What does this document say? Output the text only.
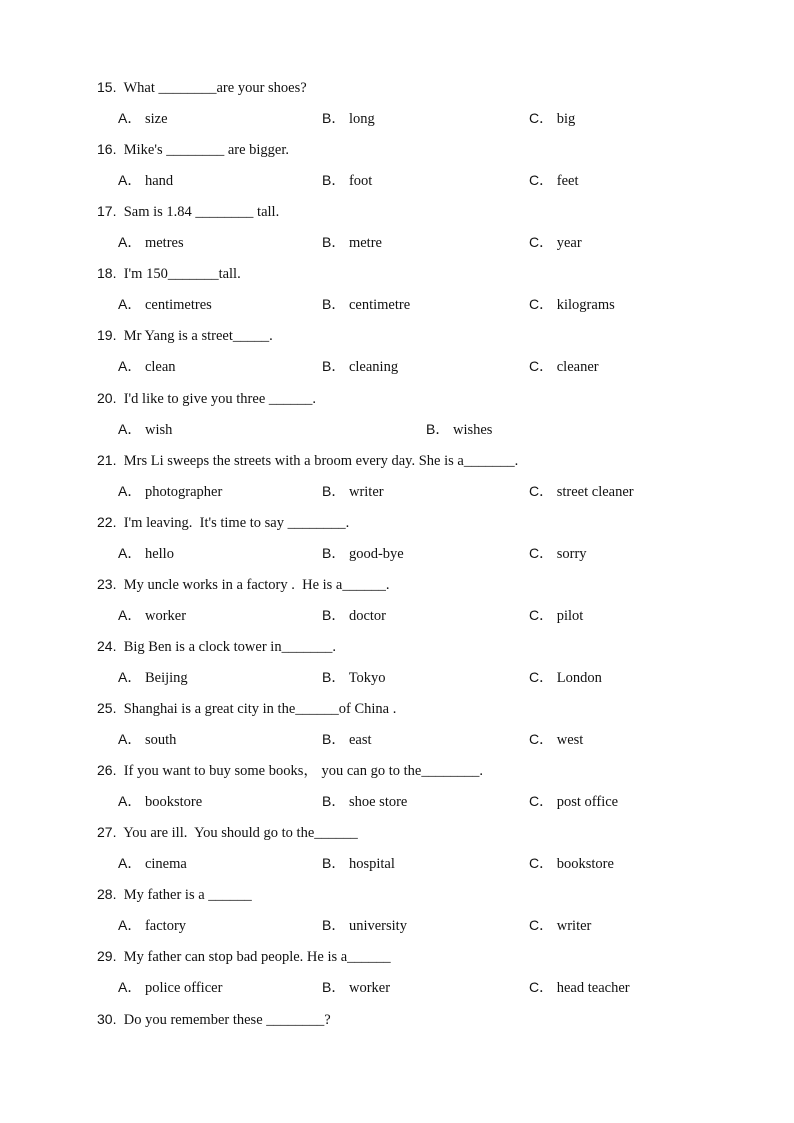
15. What ________are your shoes?
A． size	B． long	C． big
16. Mike's ________ are bigger.
A． hand	B． foot	C． feet
17. Sam is 1.84 ________ tall.
A． metres	B． metre	C． year
18. I'm 150_______tall.
A． centimetres	B． centimetre	C． kilograms
19. Mr Yang is a street_____.
A． clean	B． cleaning	C． cleaner
20. I'd like to give you three ______.
A． wish	B． wishes
21. Mrs Li sweeps the streets with a broom every day. She is a_______.
A． photographer	B． writer	C． street cleaner
22. I'm leaving.  It's time to say ________.
A． hello	B． good-bye	C． sorry
23. My uncle works in a factory .  He is a______.
A． worker	B． doctor	C． pilot
24. Big Ben is a clock tower in_______.
A． Beijing	B． Tokyo	C． London
25. Shanghai is a great city in the______of China .
A． south	B． east	C． west
26. If you want to buy some books， you can go to the________.
A． bookstore	B． shoe store	C． post office
27. You are ill.  You should go to the______
A． cinema	B． hospital	C． bookstore
28. My father is a ______
A． factory	B． university	C． writer
29. My father can stop bad people. He is a______
A． police officer	B． worker	C． head teacher
30. Do you remember these ________?
